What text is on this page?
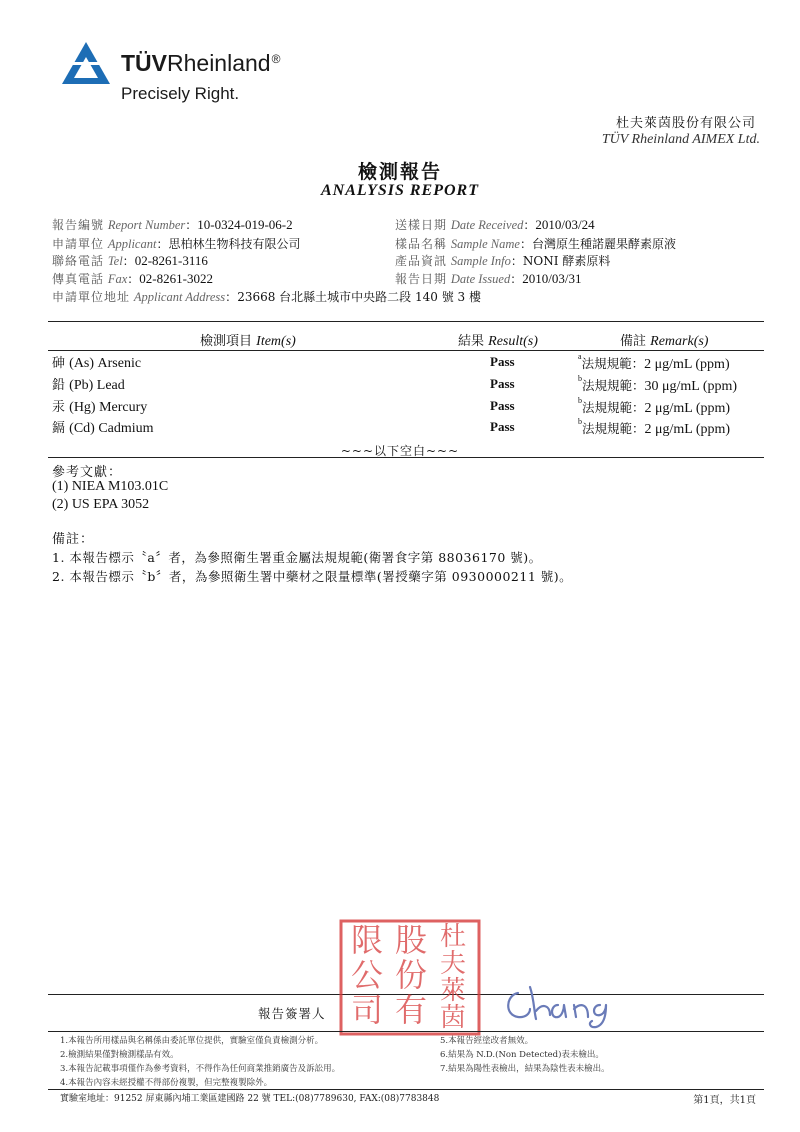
TÜVRheinland®
Precisely Right.
杜夫萊茵股份有限公司
TÜV Rheinland AIMEX Ltd.
檢測報告
ANALYSIS REPORT
報告編號 Report Number：10-0324-019-06-2
申請單位 Applicant：思柏林生物科技有限公司
聯絡電話 Tel：02-8261-3116
傳真電話 Fax：02-8261-3022
申請單位地址 Applicant Address：23668 台北縣土城市中央路二段 140 號 3 樓
送樣日期 Date Received：2010/03/24
樣品名稱 Sample Name：台灣原生種諾麗果酵素原液
產品資訊 Sample Info：NONI 酵素原料
報告日期 Date Issued：2010/03/31
檢測項目 Item(s)	結果 Result(s)	備註 Remark(s)
砷 (As) Arsenic	Pass	$^a$法規規範：2 μg/mL (ppm)
鉛 (Pb) Lead	Pass	$^b$法規規範：30 μg/mL (ppm)
汞 (Hg) Mercury	Pass	$^b$法規規範：2 μg/mL (ppm)
鎘 (Cd) Cadmium	Pass	$^b$法規規範：2 μg/mL (ppm)
~~~以下空白~~~
參考文獻：
(1) NIEA M103.01C
(2) US EPA 3052
備註：
1. 本報告標示〝a〞者，為參照衛生署重金屬法規規範(衛署食字第 88036170 號)。
2. 本報告標示〝b〞者，為參照衛生署中藥材之限量標準(署授藥字第 0930000211 號)。
杜
夫
萊
茵
股
份
有
限
公
司
報告簽署人
1.本報告所用樣品與名稱係由委託單位提供，實驗室僅負責檢測分析。
2.檢測結果僅對檢測樣品有效。
3.本報告記載事項僅作為參考資料，不得作為任何商業推銷廣告及訴訟用。
4.本報告內容未經授權不得部份複製，但完整複製除外。
5.本報告經塗改者無效。
6.結果為 N.D.(Non Detected)表未檢出。
7.結果為陽性表檢出，結果為陰性表未檢出。
實驗室地址：91252 屏東縣內埔工業區建國路 22 號 TEL:(08)7789630, FAX:(08)7783848	第1頁，共1頁
